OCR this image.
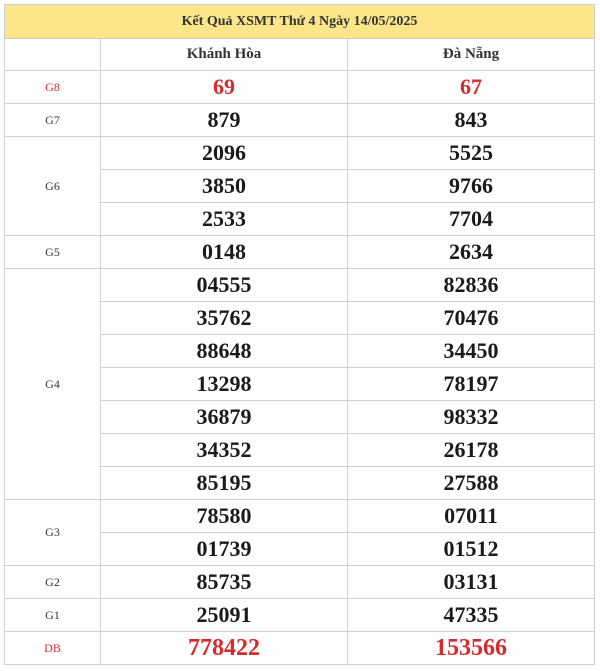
Kết Quả XSMT Thứ 4 Ngày 14/05/2025		
	Khánh Hòa	Đà Nẵng
G8	69	67
G7	879	843
G6	2096	5525
	3850	9766
	2533	7704
G5	0148	2634
G4	04555	82836
	35762	70476
	88648	34450
	13298	78197
	36879	98332
	34352	26178
	85195	27588
G3	78580	07011
	01739	01512
G2	85735	03131
G1	25091	47335
DB	778422	153566
